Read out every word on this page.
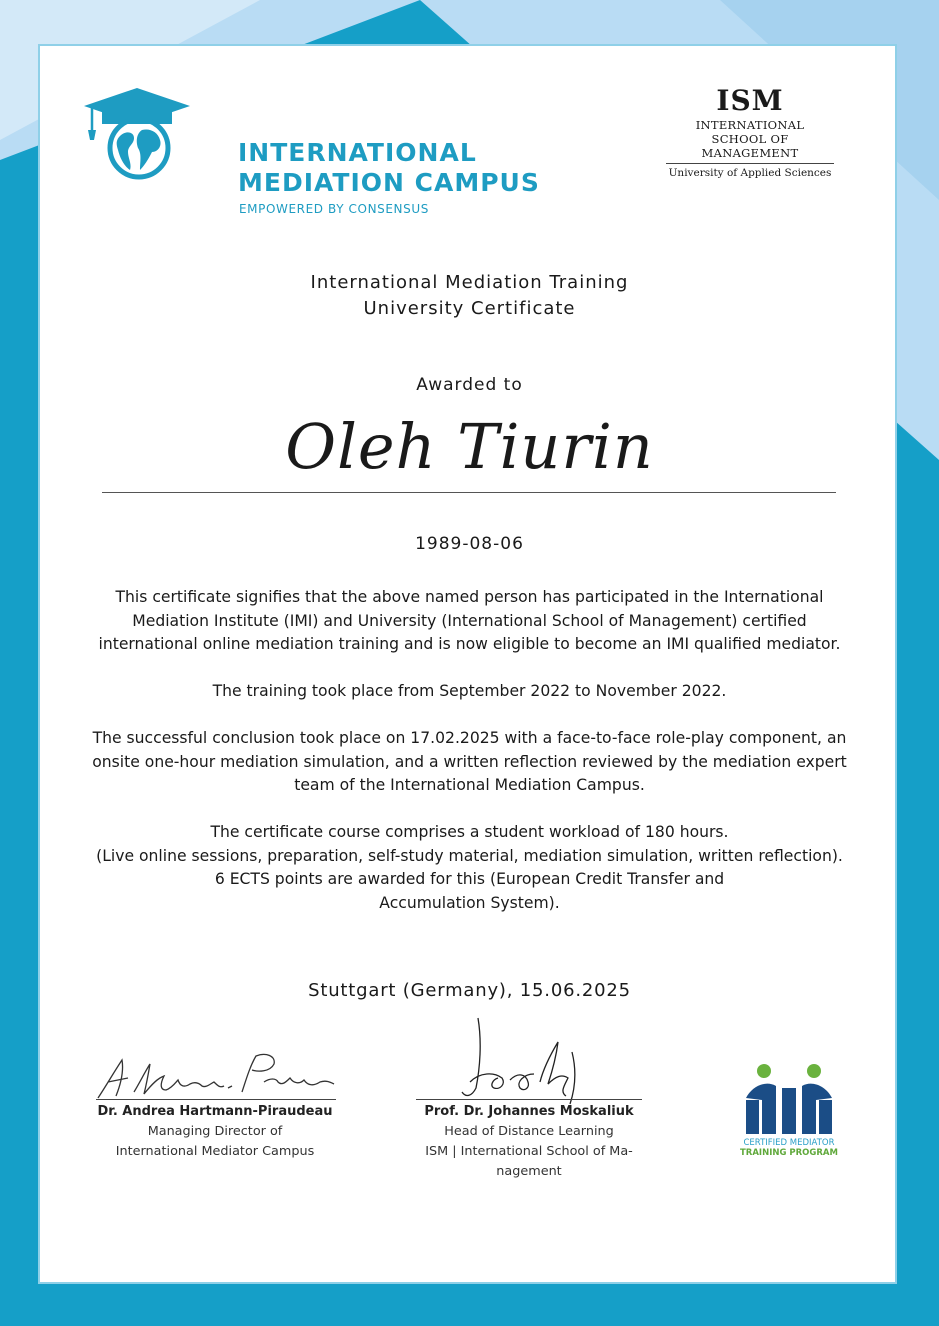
INTERNATIONAL
MEDIATION CAMPUS
EMPOWERED BY CONSENSUS
ISM
INTERNATIONAL
SCHOOL OF MANAGEMENT
University of Applied Sciences
International Mediation Training
University Certificate
Awarded to
Oleh Tiurin
1989-08-06
This certificate signifies that the above named person has participated in the International
Mediation Institute (IMI) and University (International School of Management) certified
international online mediation training and is now eligible to become an IMI qualified mediator.
The training took place from September 2022 to November 2022.
The successful conclusion took place on 17.02.2025 with a face-to-face role-play component, an
onsite one-hour mediation simulation, and a written reflection reviewed by the mediation expert
team of the International Mediation Campus.
The certificate course comprises a student workload of 180 hours.
(Live online sessions, preparation, self-study material, mediation simulation, written reflection).
6 ECTS points are awarded for this (European Credit Transfer and
Accumulation System).
Stuttgart (Germany), 15.06.2025
Dr. Andrea Hartmann-Piraudeau
Managing Director of
International Mediator Campus
Prof. Dr. Johannes Moskaliuk
Head of Distance Learning
ISM | International School of Ma-
nagement
CERTIFIED MEDIATOR
TRAINING PROGRAM
